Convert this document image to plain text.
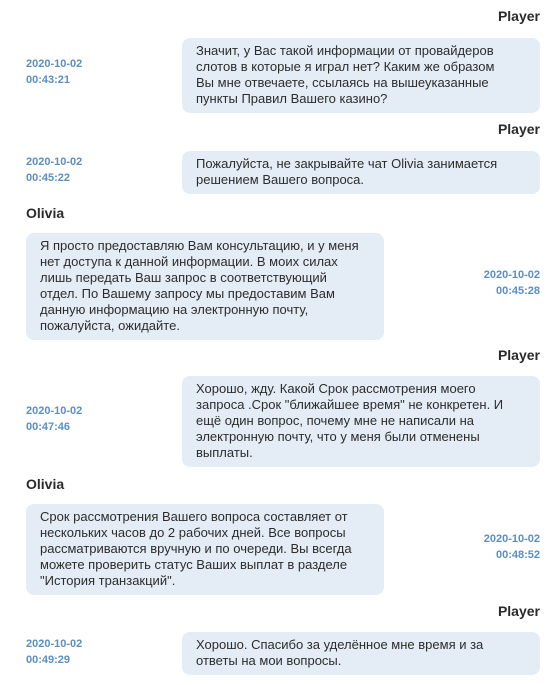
Player
Значит, у Вас такой информации от провайдеров
слотов в которые я играл нет? Каким же образом
Вы мне отвечаете, ссылаясь на вышеуказанные
пункты Правил Вашего казино?
2020-10-02
00:43:21
Player
Пожалуйста, не закрывайте чат Olivia занимается
решением Вашего вопроса.
2020-10-02
00:45:22
Olivia
Я просто предоставляю Вам консультацию, и у меня
нет доступа к данной информации. В моих силах
лишь передать Ваш запрос в соответствующий
отдел. По Вашему запросу мы предоставим Вам
данную информацию на электронную почту,
пожалуйста, ожидайте.
2020-10-02
00:45:28
Player
Хорошо, жду. Какой Срок рассмотрения моего
запроса .Срок "ближайшее время" не конкретен. И
ещё один вопрос, почему мне не написали на
электронную почту, что у меня были отменены
выплаты.
2020-10-02
00:47:46
Olivia
Срок рассмотрения Вашего вопроса составляет от
нескольких часов до 2 рабочих дней. Все вопросы
рассматриваются вручную и по очереди. Вы всегда
можете проверить статус Ваших выплат в разделе
"История транзакций".
2020-10-02
00:48:52
Player
Хорошо. Спасибо за уделённое мне время и за
ответы на мои вопросы.
2020-10-02
00:49:29
